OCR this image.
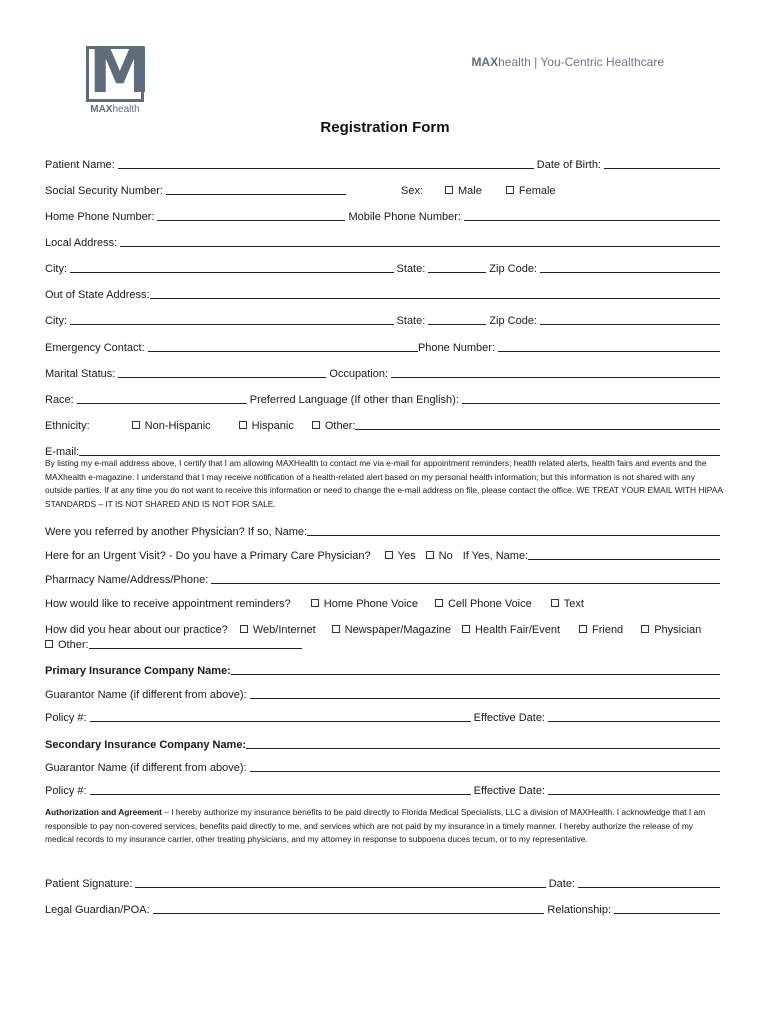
M
MAXhealth
MAXhealth | You-Centric Healthcare
Registration Form
Patient Name:	Date of Birth:
Social Security Number:	Sex:	Male	Female
Home Phone Number:	Mobile Phone Number:
Local Address:
City:	State:	Zip Code:
Out of State Address:
City:	State:	Zip Code:
Emergency Contact:	Phone Number:
Marital Status:	Occupation:
Race:	Preferred Language (If other than English):
Ethnicity:	Non-Hispanic	Hispanic	Other:
E-mail:
By listing my e-mail address above, I certify that I am allowing MAXHealth to contact me via e-mail for appointment reminders, health related alerts, health fairs and events and the MAXhealth e-magazine. I understand that I may receive notification of a health-related alert based on my personal health information; but this information is not shared with any outside parties. If at any time you do not want to receive this information or need to change the e-mail address on file, please contact the office. WE TREAT YOUR EMAIL WITH HIPAA STANDARDS – IT IS NOT SHARED AND IS NOT FOR SALE.
Were you referred by another Physician? If so, Name:
Here for an Urgent Visit? - Do you have a Primary Care Physician? Yes No If Yes, Name:
Pharmacy Name/Address/Phone:
How would like to receive appointment reminders?	Home Phone Voice	Cell Phone Voice	Text
How did you hear about our practice? Web/Internet	Newspaper/Magazine Health Fair/Event	Friend	Physician
Other:
Primary Insurance Company Name:
Guarantor Name (if different from above):
Policy #:	Effective Date:
Secondary Insurance Company Name:
Guarantor Name (if different from above):
Policy #:	Effective Date:
Authorization and Agreement – I hereby authorize my insurance benefits to be paid directly to Florida Medical Specialists, LLC a division of MAXHealth. I acknowledge that I am responsible to pay non-covered services, benefits paid directly to me, and services which are not paid by my insurance in a timely manner. I hereby authorize the release of my medical records to my insurance carrier, other treating physicians, and my attorney in response to subpoena duces tecum, or to my representative.
Patient Signature:	Date:
Legal Guardian/POA:	Relationship:
